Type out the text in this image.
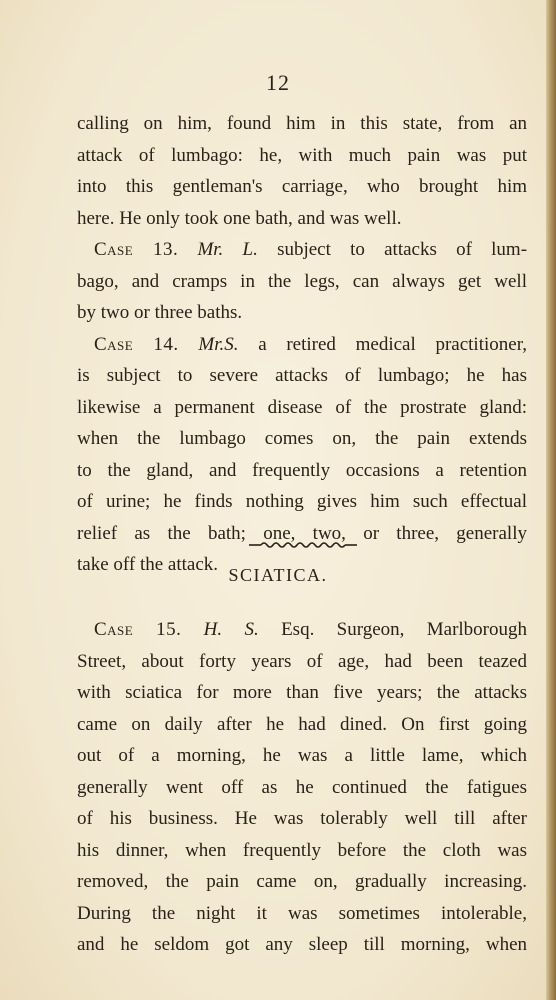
12
calling on him, found him in this state, from an
attack of lumbago: he, with much pain was put
into this gentleman's carriage, who brought him
here. He only took one bath, and was well.
Case 13. Mr. L. subject to attacks of lum-
bago, and cramps in the legs, can always get well
by two or three baths.
Case 14. Mr.S. a retired medical practitioner,
is subject to severe attacks of lumbago; he has
likewise a permanent disease of the prostrate gland:
when the lumbago comes on, the pain extends
to the gland, and frequently occasions a retention
of urine; he finds nothing gives him such effectual
relief as the bath; one, two, or three, generally
take off the attack. SCIATICA.
Case 15. H. S. Esq. Surgeon, Marlborough
Street, about forty years of age, had been teazed
with sciatica for more than five years; the attacks
came on daily after he had dined. On first going
out of a morning, he was a little lame, which
generally went off as he continued the fatigues
of his business. He was tolerably well till after
his dinner, when frequently before the cloth was
removed, the pain came on, gradually increasing.
During the night it was sometimes intolerable,
and he seldom got any sleep till morning, when
